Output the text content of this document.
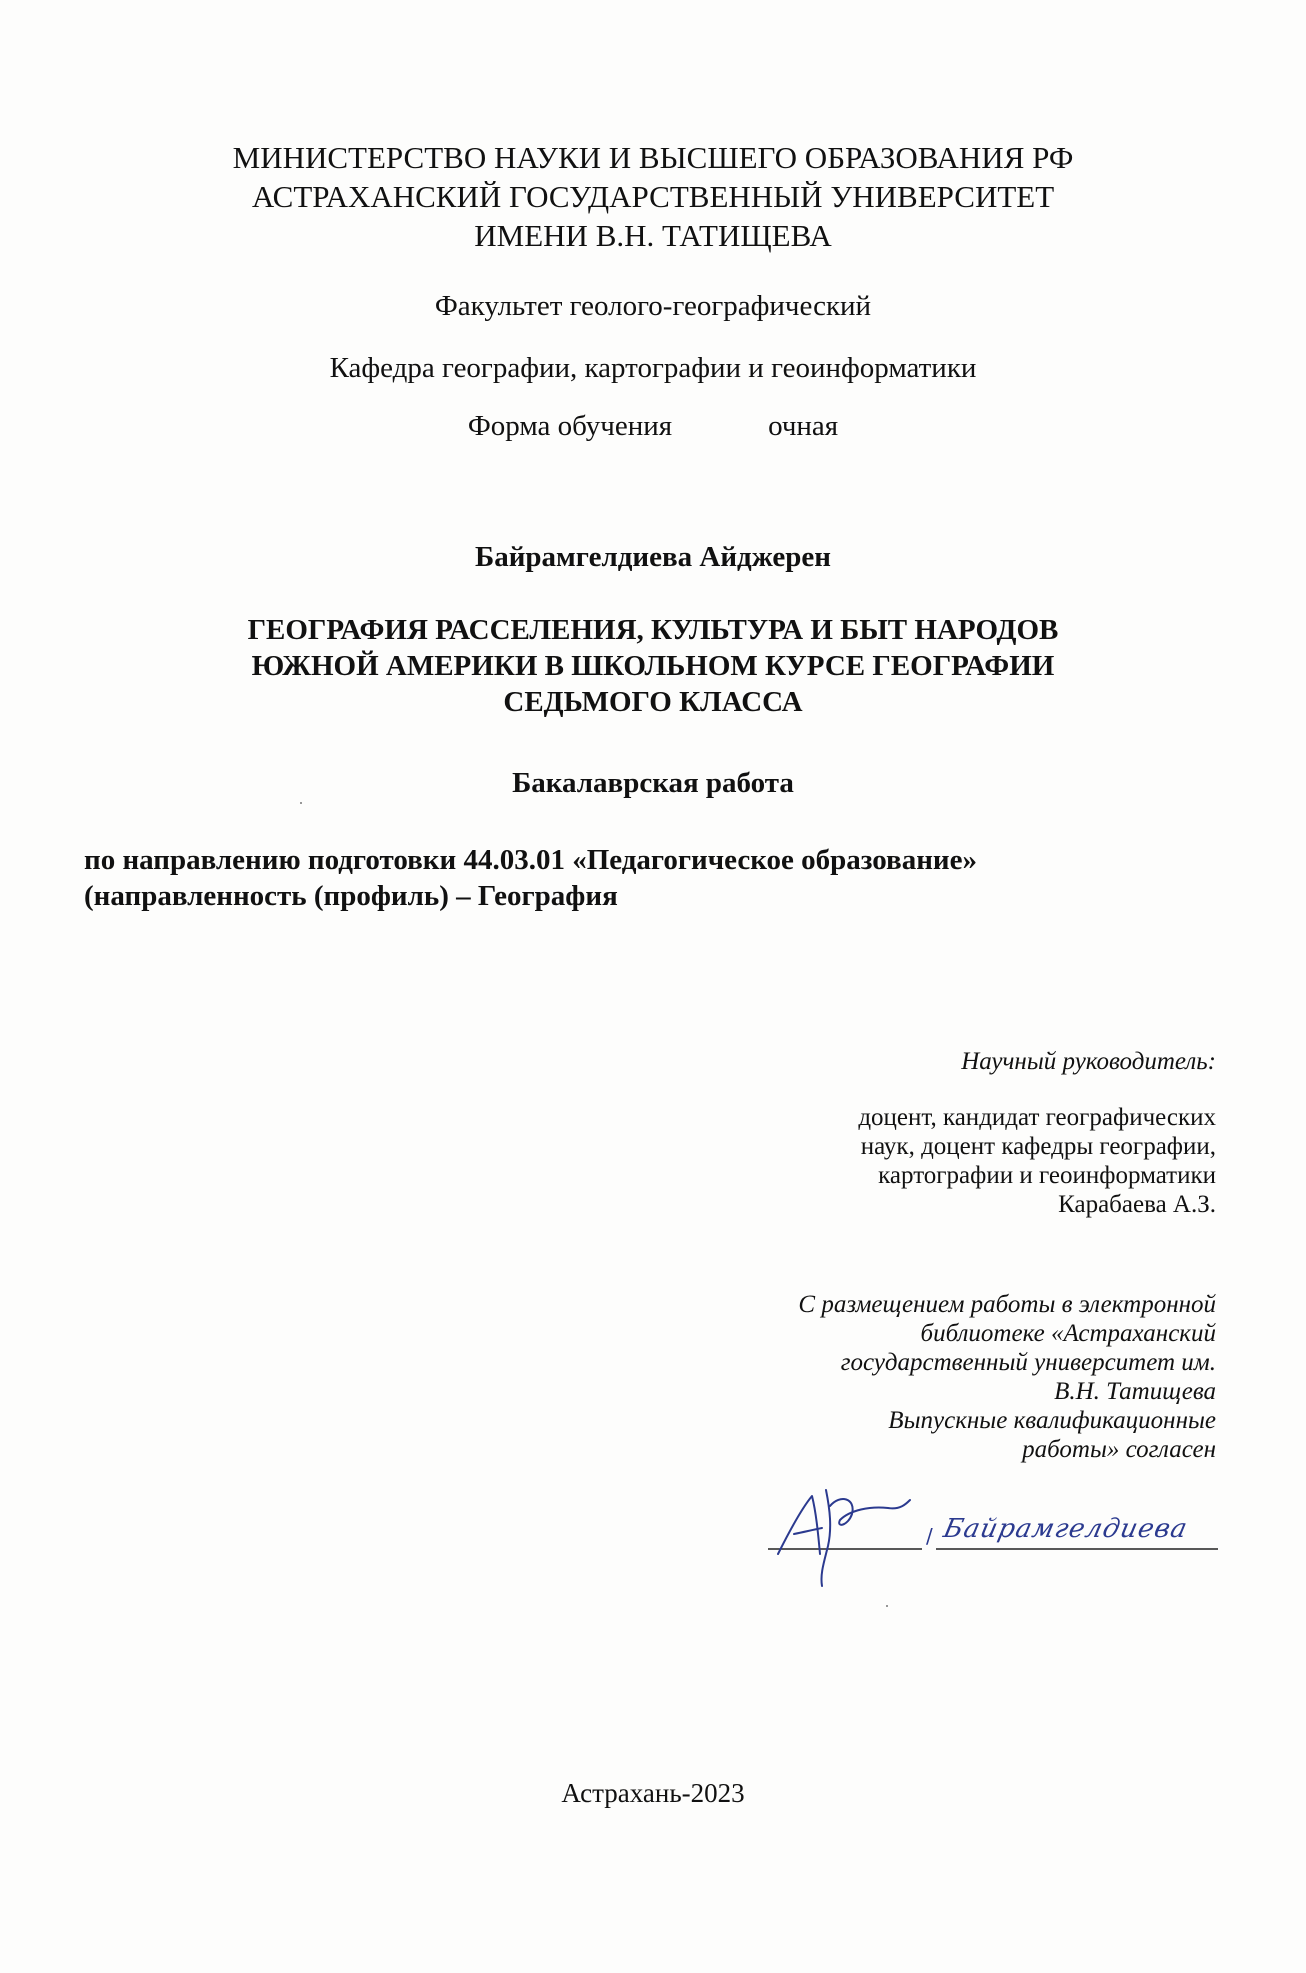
МИНИСТЕРСТВО НАУКИ И ВЫСШЕГО ОБРАЗОВАНИЯ РФ
АСТРАХАНСКИЙ ГОСУДАРСТВЕННЫЙ УНИВЕРСИТЕТ
ИМЕНИ В.Н. ТАТИЩЕВА
Факультет геолого-географический
Кафедра географии, картографии и геоинформатики
Форма обучения	очная
Байрамгелдиева Айджерен
ГЕОГРАФИЯ РАССЕЛЕНИЯ, КУЛЬТУРА И БЫТ НАРОДОВ
ЮЖНОЙ АМЕРИКИ В ШКОЛЬНОМ КУРСЕ ГЕОГРАФИИ
СЕДЬМОГО КЛАССА
Бакалаврская работа
по направлению подготовки 44.03.01 «Педагогическое образование»
(направленность (профиль) – География
Научный руководитель:
доцент, кандидат географических
наук, доцент кафедры географии,
картографии и геоинформатики
Карабаева А.З.
С размещением работы в электронной
библиотеке «Астраханский
государственный университет им.
В.Н. Татищева
Выпускные квалификационные
работы» согласен
/ Байрамгелдиева
Астрахань-2023
